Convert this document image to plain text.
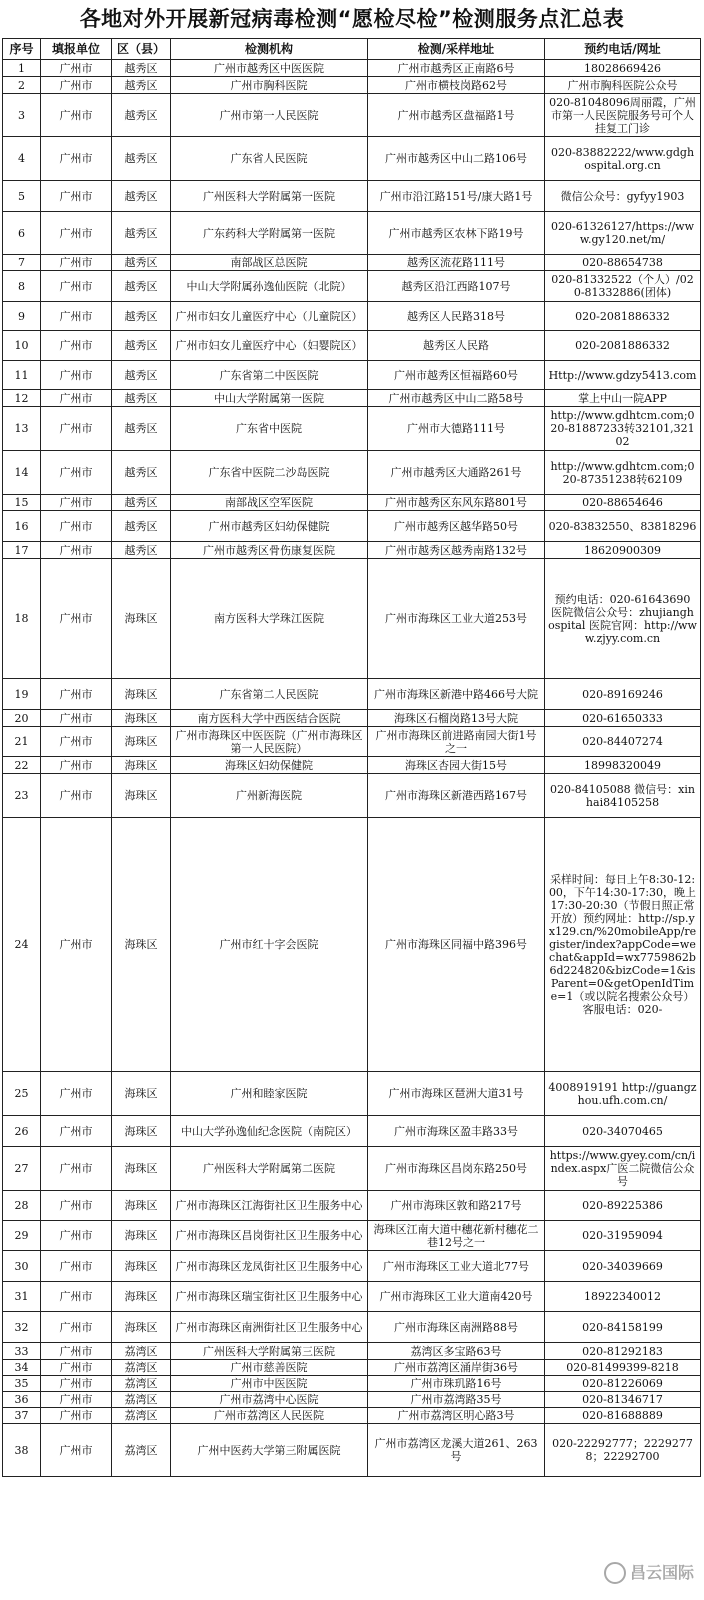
各地对外开展新冠病毒检测“愿检尽检”检测服务点汇总表
序号	填报单位	区（县）	检测机构	检测/采样地址	预约电话/网址
1	广州市	越秀区	广州市越秀区中医医院	广州市越秀区正南路6号	18028669426
2	广州市	越秀区	广州市胸科医院	广州市横枝岗路62号	广州市胸科医院公众号
3	广州市	越秀区	广州市第一人民医院	广州市越秀区盘福路1号	020-81048096周丽霞，广州市第一人民医院服务号可个人挂复工门诊
4	广州市	越秀区	广东省人民医院	广州市越秀区中山二路106号	020-83882222/www.gdghospital.org.cn
5	广州市	越秀区	广州医科大学附属第一医院	广州市沿江路151号/康大路1号	微信公众号：gyfyy1903
6	广州市	越秀区	广东药科大学附属第一医院	广州市越秀区农林下路19号	020-61326127/https://www.gy120.net/m/
7	广州市	越秀区	南部战区总医院	越秀区流花路111号	020-88654738
8	广州市	越秀区	中山大学附属孙逸仙医院（北院）	越秀区沿江西路107号	020-81332522（个人）/020-81332886(团体)
9	广州市	越秀区	广州市妇女儿童医疗中心（儿童院区）	越秀区人民路318号	020-2081886332
10	广州市	越秀区	广州市妇女儿童医疗中心（妇婴院区）	越秀区人民路	020-2081886332
11	广州市	越秀区	广东省第二中医医院	广州市越秀区恒福路60号	Http://www.gdzy5413.com
12	广州市	越秀区	中山大学附属第一医院	广州市越秀区中山二路58号	掌上中山一院APP
13	广州市	越秀区	广东省中医院	广州市大德路111号	http://www.gdhtcm.com;020-81887233转32101,32102
14	广州市	越秀区	广东省中医院二沙岛医院	广州市越秀区大通路261号	http://www.gdhtcm.com;020-87351238转62109
15	广州市	越秀区	南部战区空军医院	广州市越秀区东风东路801号	020-88654646
16	广州市	越秀区	广州市越秀区妇幼保健院	广州市越秀区越华路50号	020-83832550、83818296
17	广州市	越秀区	广州市越秀区骨伤康复医院	广州市越秀区越秀南路132号	18620900309
18	广州市	海珠区	南方医科大学珠江医院	广州市海珠区工业大道253号	预约电话：020-61643690 医院微信公众号：zhujianghospital 医院官网：http://www.zjyy.com.cn
19	广州市	海珠区	广东省第二人民医院	广州市海珠区新港中路466号大院	020-89169246
20	广州市	海珠区	南方医科大学中西医结合医院	海珠区石榴岗路13号大院	020-61650333
21	广州市	海珠区	广州市海珠区中医医院（广州市海珠区第一人民医院）	广州市海珠区前进路南园大街1号之一	020-84407274
22	广州市	海珠区	海珠区妇幼保健院	海珠区杏园大街15号	18998320049
23	广州市	海珠区	广州新海医院	广州市海珠区新港西路167号	020-84105088 微信号：xinhai84105258
24	广州市	海珠区	广州市红十字会医院	广州市海珠区同福中路396号	采样时间：每日上午8:30-12:00，下午14:30-17:30，晚上17:30-20:30（节假日照正常开放）预约网址：http://sp.yx129.cn/%20mobileApp/register/index?appCode=wechat&appId=wx7759862b6d224820&bizCode=1&isParent=0&getOpenIdTime=1（或以院名搜索公众号）客服电话：020-
25	广州市	海珠区	广州和睦家医院	广州市海珠区琶洲大道31号	4008919191 http://guangzhou.ufh.com.cn/
26	广州市	海珠区	中山大学孙逸仙纪念医院（南院区）	广州市海珠区盈丰路33号	020-34070465
27	广州市	海珠区	广州医科大学附属第二医院	广州市海珠区昌岗东路250号	https://www.gyey.com/cn/index.aspx广医二院微信公众号
28	广州市	海珠区	广州市海珠区江海街社区卫生服务中心	广州市海珠区敦和路217号	020-89225386
29	广州市	海珠区	广州市海珠区昌岗街社区卫生服务中心	海珠区江南大道中穗花新村穗花二巷12号之一	020-31959094
30	广州市	海珠区	广州市海珠区龙凤街社区卫生服务中心	广州市海珠区工业大道北77号	020-34039669
31	广州市	海珠区	广州市海珠区瑞宝街社区卫生服务中心	广州市海珠区工业大道南420号	18922340012
32	广州市	海珠区	广州市海珠区南洲街社区卫生服务中心	广州市海珠区南洲路88号	020-84158199
33	广州市	荔湾区	广州医科大学附属第三医院	荔湾区多宝路63号	020-81292183
34	广州市	荔湾区	广州市慈善医院	广州市荔湾区涌岸街36号	020-81499399-8218
35	广州市	荔湾区	广州市中医医院	广州市珠玑路16号	020-81226069
36	广州市	荔湾区	广州市荔湾中心医院	广州市荔湾路35号	020-81346717
37	广州市	荔湾区	广州市荔湾区人民医院	广州市荔湾区明心路3号	020-81688889
38	广州市	荔湾区	广州中医药大学第三附属医院	广州市荔湾区龙溪大道261、263号	020-22292777；22292778；22292700
昌云国际
